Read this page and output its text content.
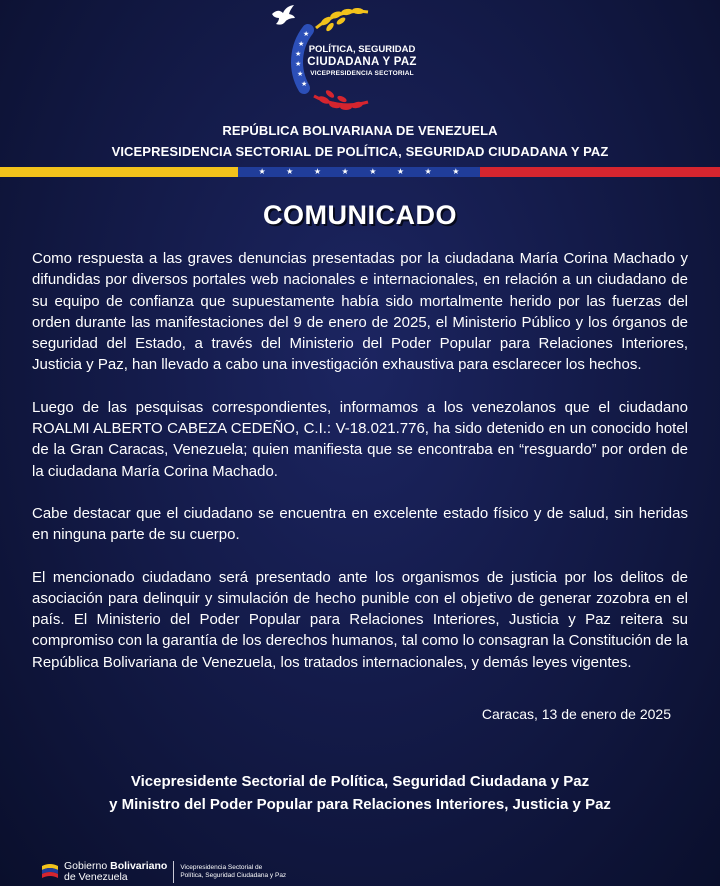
★
★
★
★
★
★
POLÍTICA, SEGURIDAD
CIUDADANA Y PAZ
VICEPRESIDENCIA SECTORIAL
REPÚBLICA BOLIVARIANA DE VENEZUELA
VICEPRESIDENCIA SECTORIAL DE POLÍTICA, SEGURIDAD CIUDADANA Y PAZ
★	★	★	★	★	★	★	★
COMUNICADO

Como respuesta a las graves denuncias presentadas por la ciudadana María Corina Machado y difundidas por diversos portales web nacionales e internacionales, en relación a un ciudadano de su equipo de confianza que supuestamente había sido mortalmente herido por las fuerzas del orden durante las manifestaciones del 9 de enero de 2025, el Ministerio Público y los órganos de seguridad del Estado, a través del Ministerio del Poder Popular para Relaciones Interiores, Justicia y Paz, han llevado a cabo una investigación exhaustiva para esclarecer los hechos.

Luego de las pesquisas correspondientes, informamos a los venezolanos que el ciudadano ROALMI ALBERTO CABEZA CEDEÑO, C.I.: V-18.021.776, ha sido detenido en un conocido hotel de la Gran Caracas, Venezuela; quien manifiesta que se encontraba en “resguardo” por orden de la ciudadana María Corina Machado.

Cabe destacar que el ciudadano se encuentra en excelente estado físico y de salud, sin heridas en ninguna parte de su cuerpo.

El mencionado ciudadano será presentado ante los organismos de justicia por los delitos de asociación para delinquir y simulación de hecho punible con el objetivo de generar zozobra en el país. El Ministerio del Poder Popular para Relaciones Interiores, Justicia y Paz reitera su compromiso con la garantía de los derechos humanos, tal como lo consagran la Constitución de la República Bolivariana de Venezuela, los tratados internacionales, y demás leyes vigentes.

Caracas, 13 de enero de 2025
Vicepresidente Sectorial de Política, Seguridad Ciudadana y Paz
y Ministro del Poder Popular para Relaciones Interiores, Justicia y Paz
Gobierno Bolivariano
de Venezuela
Vicepresidencia Sectorial de
Política, Seguridad Ciudadana y Paz
